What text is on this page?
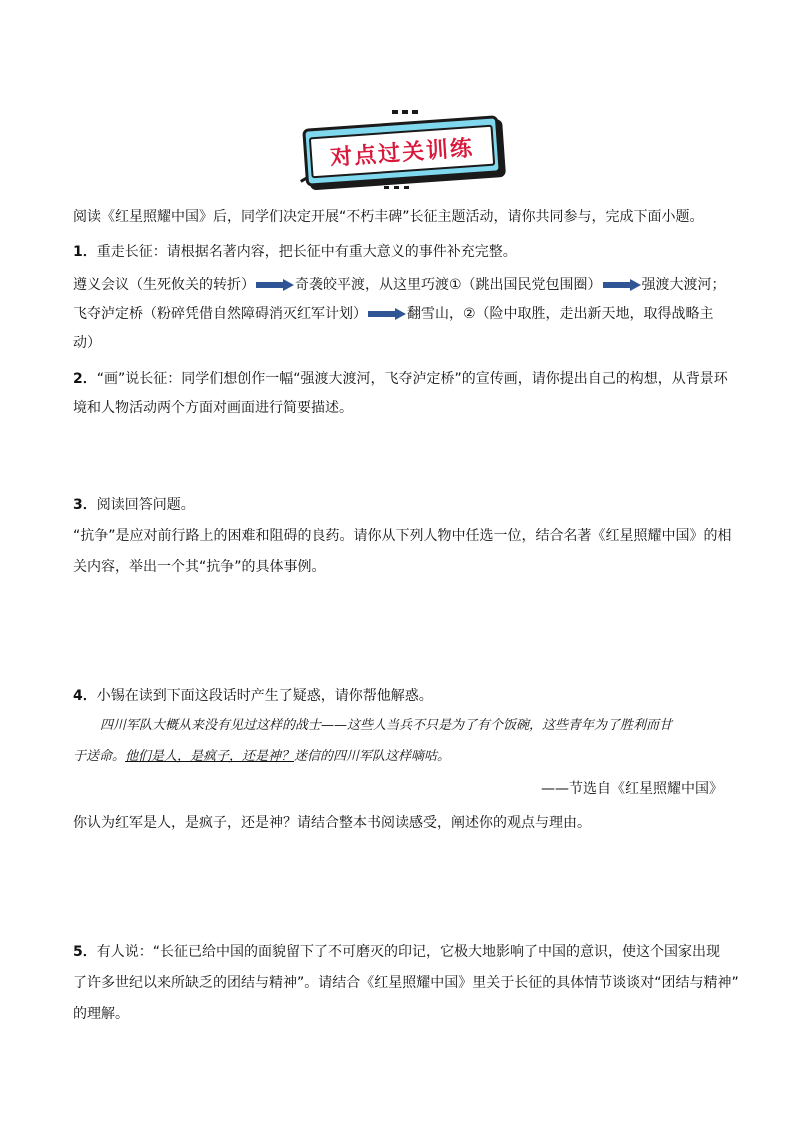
对点过关训练
阅读《红星照耀中国》后，同学们决定开展“不朽丰碑”长征主题活动，请你共同参与，完成下面小题。
1．重走长征：请根据名著内容，把长征中有重大意义的事件补充完整。
遵义会议（生死攸关的转折）	奇袭皎平渡，从这里巧渡①（跳出国民党包围圈）	强渡大渡河；
飞夺泸定桥（粉碎凭借自然障碍消灭红军计划）	翻雪山，②（险中取胜，走出新天地，取得战略主
动）
2．“画”说长征：同学们想创作一幅“强渡大渡河，飞夺泸定桥”的宣传画，请你提出自己的构想，从背景环
境和人物活动两个方面对画面进行简要描述。
3．阅读回答问题。
“抗争”是应对前行路上的困难和阻碍的良药。请你从下列人物中任选一位，结合名著《红星照耀中国》的相
关内容，举出一个其“抗争”的具体事例。
4．小锡在读到下面这段话时产生了疑惑，请你帮他解惑。
四川军队大概从来没有见过这样的战士——这些人当兵不只是为了有个饭碗，这些青年为了胜利而甘
于送命。他们是人，是疯子，还是神？迷信的四川军队这样嘀咕。
——节选自《红星照耀中国》
你认为红军是人，是疯子，还是神？请结合整本书阅读感受，阐述你的观点与理由。
5．有人说：“长征已给中国的面貌留下了不可磨灭的印记，它极大地影响了中国的意识，使这个国家出现
了许多世纪以来所缺乏的团结与精神”。请结合《红星照耀中国》里关于长征的具体情节谈谈对“团结与精神”
的理解。
